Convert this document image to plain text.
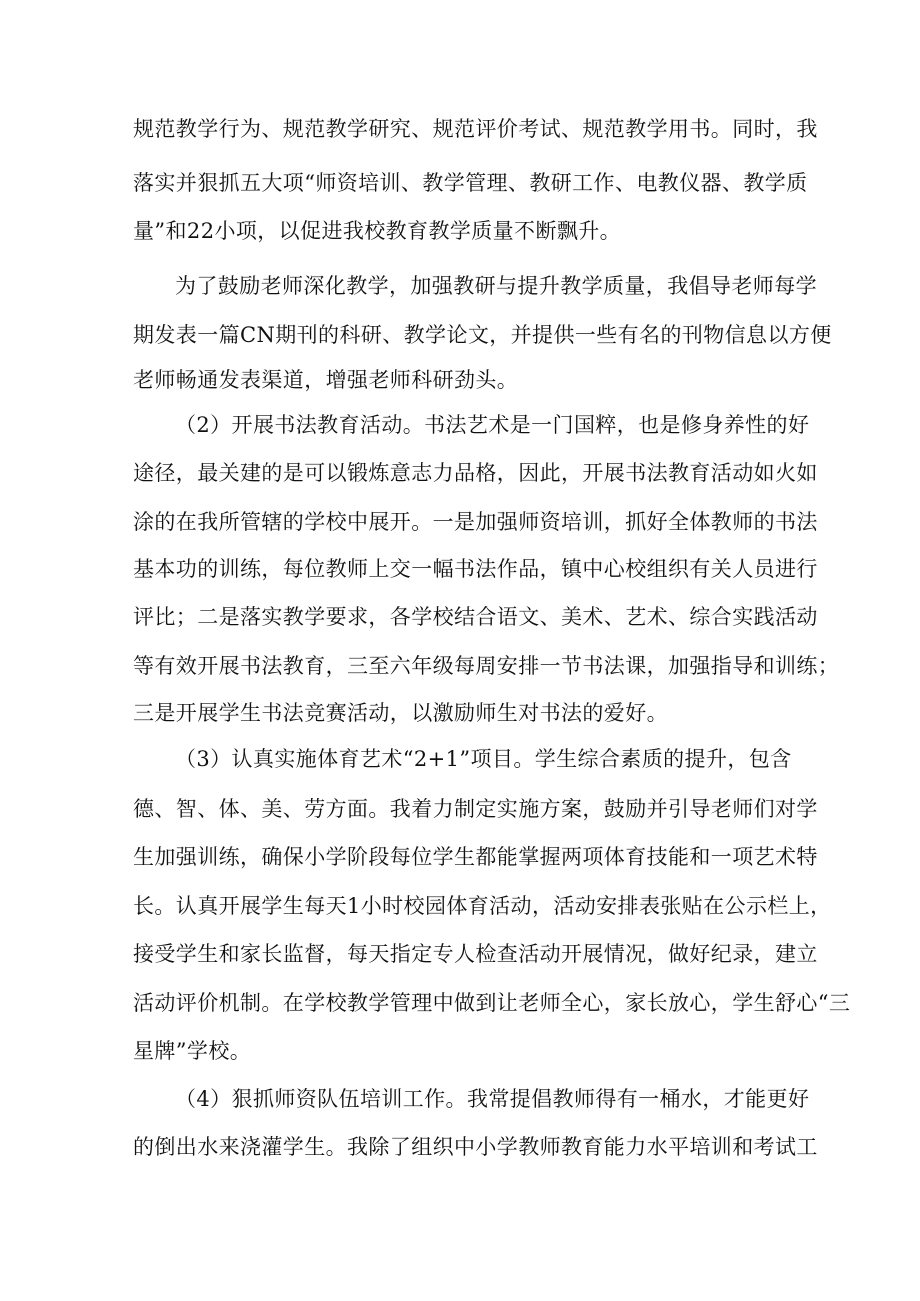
规范教学行为、规范教学研究、规范评价考试、规范教学用书。同时，我
落实并狠抓五大项“师资培训、教学管理、教研工作、电教仪器、教学质
量”和22小项，以促进我校教育教学质量不断飘升。
为了鼓励老师深化教学，加强教研与提升教学质量，我倡导老师每学
期发表一篇CN期刊的科研、教学论文，并提供一些有名的刊物信息以方便
老师畅通发表渠道，增强老师科研劲头。
（2）开展书法教育活动。书法艺术是一门国粹，也是修身养性的好
途径，最关建的是可以锻炼意志力品格，因此，开展书法教育活动如火如
涂的在我所管辖的学校中展开。一是加强师资培训，抓好全体教师的书法
基本功的训练，每位教师上交一幅书法作品，镇中心校组织有关人员进行
评比；二是落实教学要求，各学校结合语文、美术、艺术、综合实践活动
等有效开展书法教育，三至六年级每周安排一节书法课，加强指导和训练；
三是开展学生书法竞赛活动，以激励师生对书法的爱好。
（3）认真实施体育艺术“2+1”项目。学生综合素质的提升，包含
德、智、体、美、劳方面。我着力制定实施方案，鼓励并引导老师们对学
生加强训练，确保小学阶段每位学生都能掌握两项体育技能和一项艺术特
长。认真开展学生每天1小时校园体育活动，活动安排表张贴在公示栏上，
接受学生和家长监督，每天指定专人检查活动开展情况，做好纪录，建立
活动评价机制。在学校教学管理中做到让老师全心，家长放心，学生舒心“三
星牌”学校。
（4）狠抓师资队伍培训工作。我常提倡教师得有一桶水，才能更好
的倒出水来浇灌学生。我除了组织中小学教师教育能力水平培训和考试工
